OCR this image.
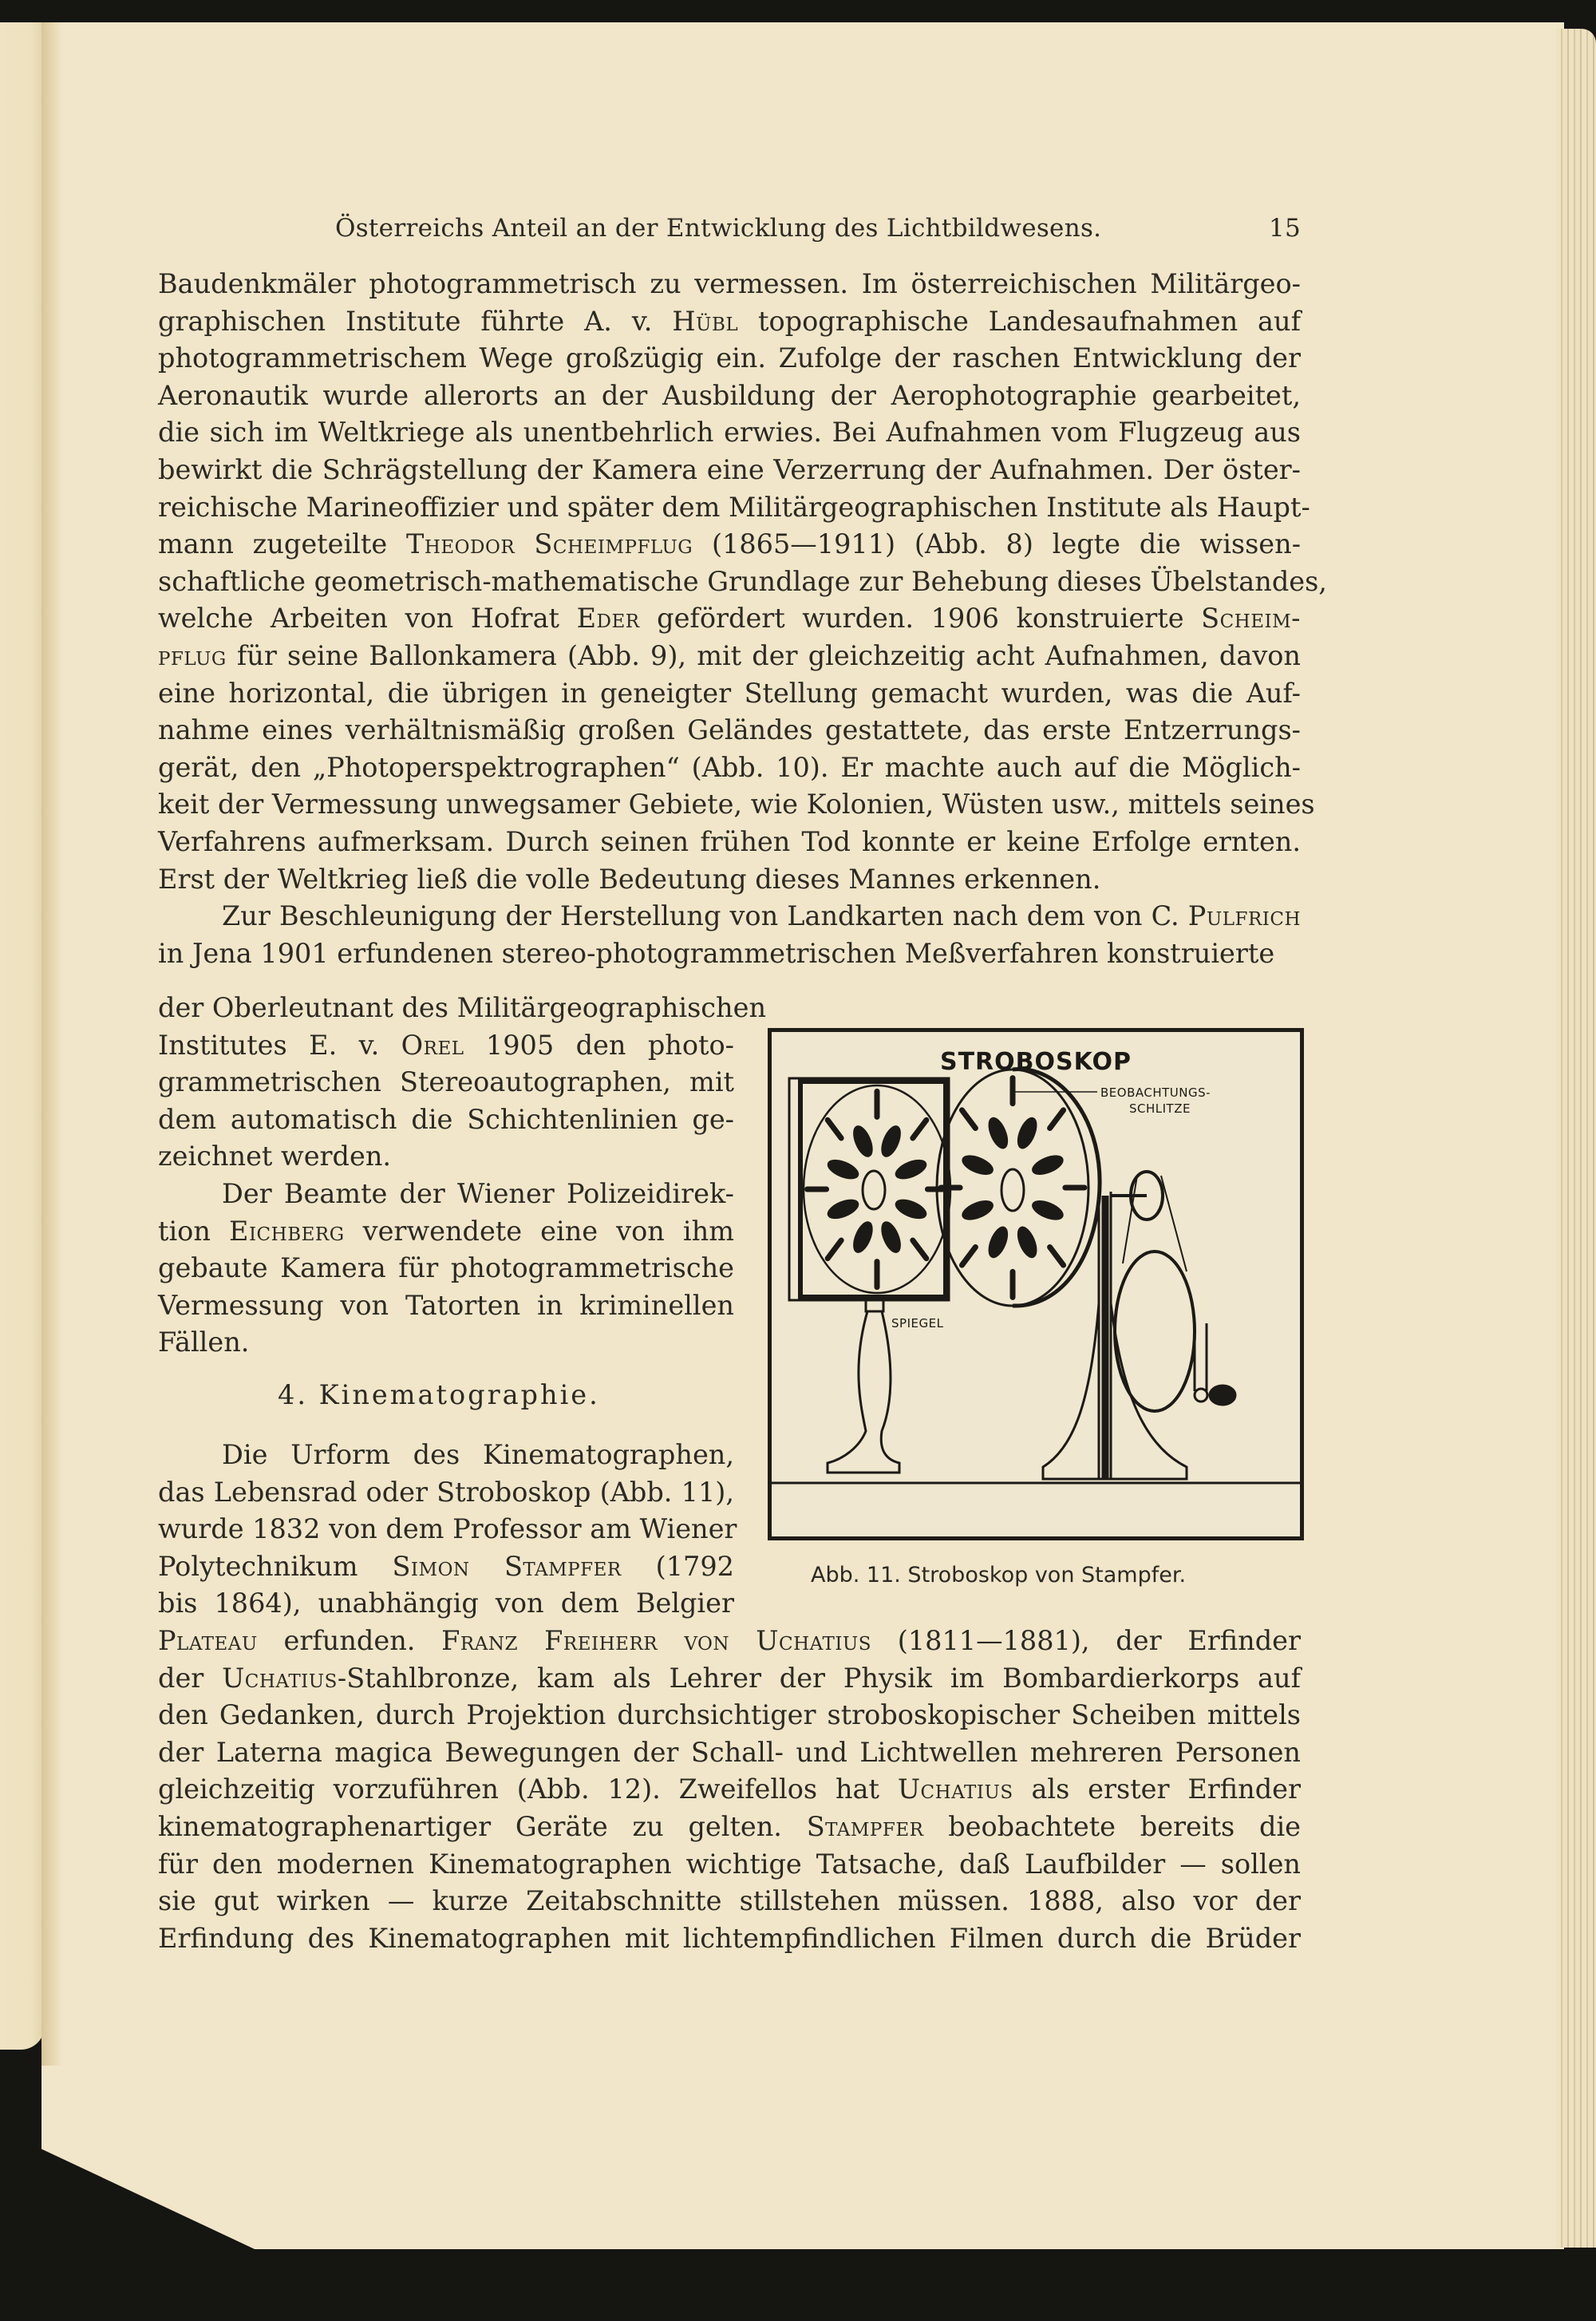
Österreichs Anteil an der Entwicklung des Lichtbildwesens.	15
Baudenkmäler photogrammetrisch zu vermessen. Im österreichischen Militärgeo-
graphischen Institute führte A. v. Hübl topographische Landesaufnahmen auf
photogrammetrischem Wege großzügig ein. Zufolge der raschen Entwicklung der
Aeronautik wurde allerorts an der Ausbildung der Aerophotographie gearbeitet,
die sich im Weltkriege als unentbehrlich erwies. Bei Aufnahmen vom Flugzeug aus
bewirkt die Schrägstellung der Kamera eine Verzerrung der Aufnahmen. Der öster-
reichische Marineoffizier und später dem Militärgeographischen Institute als Haupt-
mann zugeteilte Theodor Scheimpflug (1865—1911) (Abb. 8) legte die wissen-
schaftliche geometrisch-mathematische Grundlage zur Behebung dieses Übelstandes,
welche Arbeiten von Hofrat Eder gefördert wurden. 1906 konstruierte Scheim-
pflug für seine Ballonkamera (Abb. 9), mit der gleichzeitig acht Aufnahmen, davon
eine horizontal, die übrigen in geneigter Stellung gemacht wurden, was die Auf-
nahme eines verhältnismäßig großen Geländes gestattete, das erste Entzerrungs-
gerät, den „Photoperspektrographen“ (Abb. 10). Er machte auch auf die Möglich-
keit der Vermessung unwegsamer Gebiete, wie Kolonien, Wüsten usw., mittels seines
Verfahrens aufmerksam. Durch seinen frühen Tod konnte er keine Erfolge ernten.
Erst der Weltkrieg ließ die volle Bedeutung dieses Mannes erkennen.
Zur Beschleunigung der Herstellung von Landkarten nach dem von C. Pulfrich
in Jena 1901 erfundenen stereo-photogrammetrischen Meßverfahren konstruierte
der Oberleutnant des Militärgeographischen
Institutes E. v. Orel 1905 den photo-
grammetrischen Stereoautographen, mit
dem automatisch die Schichtenlinien ge-
zeichnet werden.
Der Beamte der Wiener Polizeidirek-
tion Eichberg verwendete eine von ihm
gebaute Kamera für photogrammetrische
Vermessung von Tatorten in kriminellen
Fällen.
4. Kinematographie.
Die Urform des Kinematographen,
das Lebensrad oder Stroboskop (Abb. 11),
wurde 1832 von dem Professor am Wiener
Polytechnikum Simon Stampfer (1792
bis 1864), unabhängig von dem Belgier
Plateau erfunden. Franz Freiherr von Uchatius (1811—1881), der Erfinder
der Uchatius-Stahlbronze, kam als Lehrer der Physik im Bombardierkorps auf
den Gedanken, durch Projektion durchsichtiger stroboskopischer Scheiben mittels
der Laterna magica Bewegungen der Schall- und Lichtwellen mehreren Personen
gleichzeitig vorzuführen (Abb. 12). Zweifellos hat Uchatius als erster Erfinder
kinematographenartiger Geräte zu gelten. Stampfer beobachtete bereits die
für den modernen Kinematographen wichtige Tatsache, daß Laufbilder — sollen
sie gut wirken — kurze Zeitabschnitte stillstehen müssen. 1888, also vor der
Erfindung des Kinematographen mit lichtempfindlichen Filmen durch die Brüder
STROBOSKOP
BEOBACHTUNGS-
SCHLITZE
SPIEGEL
Abb. 11. Stroboskop von Stampfer.
